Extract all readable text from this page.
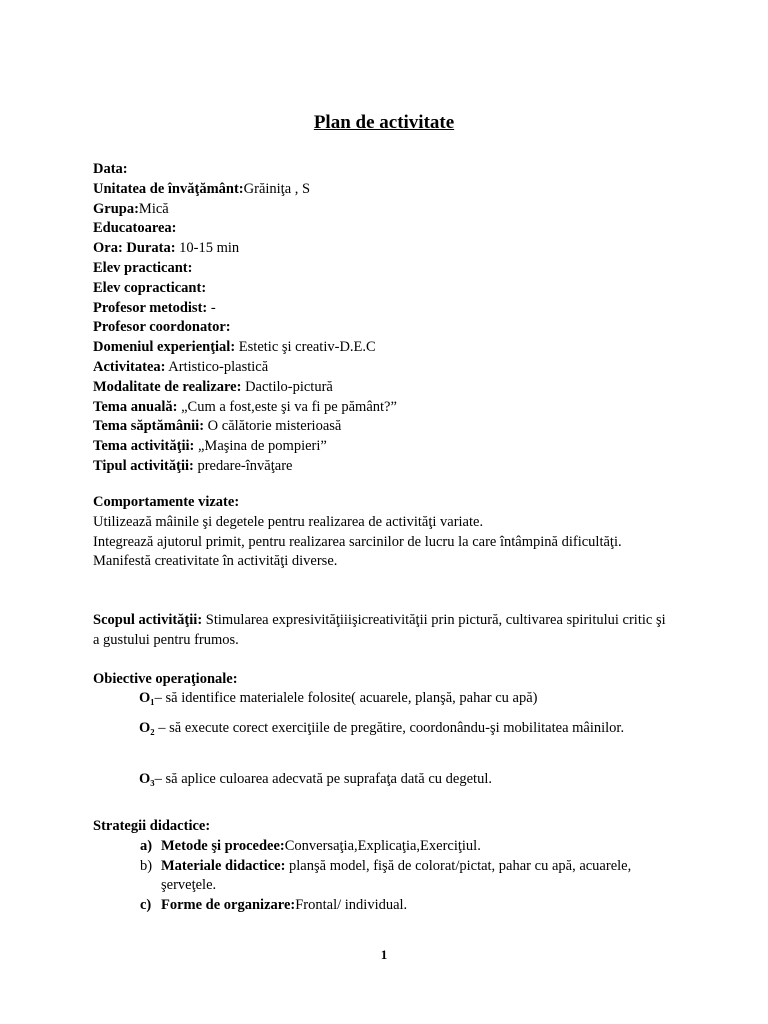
Plan de activitate
Data:
Unitatea de învăţământ:Grăiniţa , S
Grupa:Mică
Educatoarea:
Ora: Durata: 10-15 min
Elev practicant:
Elev copracticant:
Profesor metodist: -
Profesor coordonator:
Domeniul experienţial: Estetic şi creativ-D.E.C
Activitatea: Artistico-plastică
Modalitate de realizare: Dactilo-pictură
Tema anuală: „Cum a fost,este şi va fi pe pământ?”
Tema săptămânii: O călătorie misterioasă
Tema activităţii: „Maşina de pompieri”
Tipul activităţii: predare-învăţare
Comportamente vizate:
Utilizează mâinile şi degetele pentru realizarea de activităţi variate.
Integrează ajutorul primit, pentru realizarea sarcinilor de lucru la care întâmpină dificultăţi.
Manifestă creativitate în activităţi diverse.
Scopul activităţii: Stimularea expresivităţiiişicreativităţii prin pictură, cultivarea spiritului critic şi a gustului pentru frumos.
Obiective operaţionale:
O₁– să identifice materialele folosite( acuarele, planşă, pahar cu apă)
O₂ – să execute corect exerciţiile de pregătire, coordonându-şi mobilitatea mâinilor.
O₃– să aplice culoarea adecvată pe suprafaţa dată cu degetul.
Strategii didactice:
a) Metode şi procedee:Conversaţia,Explicaţia,Exerciţiul.
b) Materiale didactice: planşă model, fişă de colorat/pictat, pahar cu apă, acuarele, şerveţele.
c) Forme de organizare:Frontal/ individual.
1
